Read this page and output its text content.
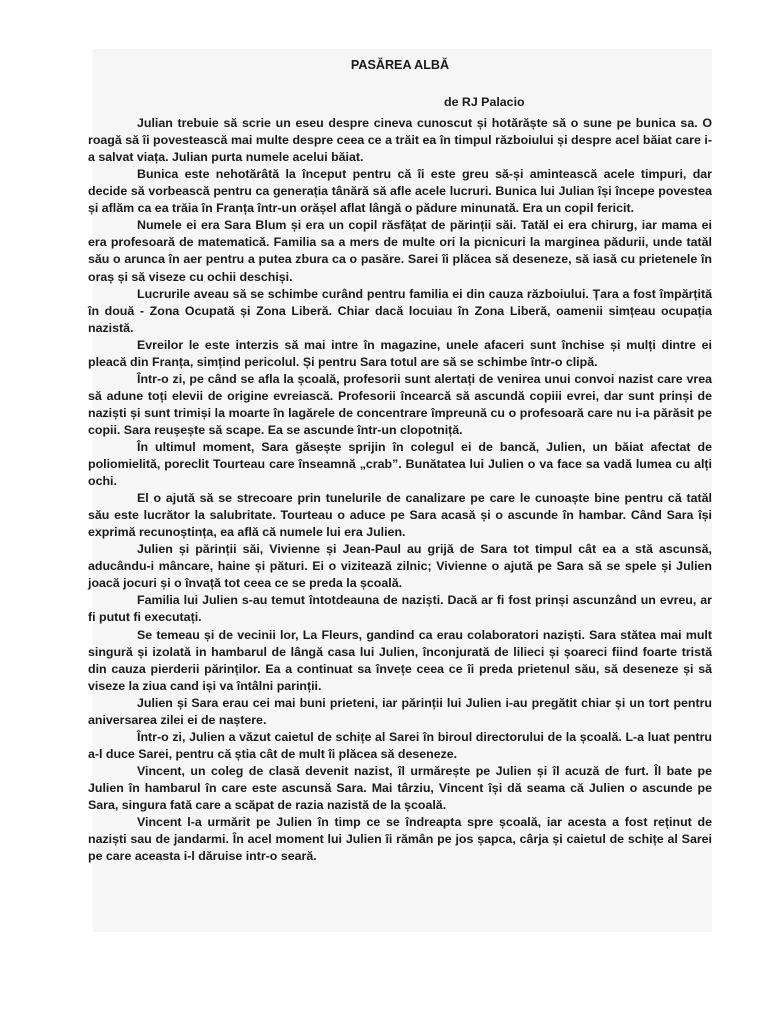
PASĂREA ALBĂ
de RJ Palacio

Julian trebuie să scrie un eseu despre cineva cunoscut și hotărăște să o sune pe bunica sa. O roagă să îi povestească mai multe despre ceea ce a trăit ea în timpul războiului și despre acel băiat care i-a salvat viața. Julian purta numele acelui băiat.

Bunica este nehotărâtă la început pentru că îi este greu să-și amintească acele timpuri, dar decide să vorbească pentru ca generația tânără să afle acele lucruri. Bunica lui Julian își începe povestea și aflăm ca ea trăia în Franța într-un orășel aflat lângă o pădure minunată. Era un copil fericit.

Numele ei era Sara Blum și era un copil răsfățat de părinții săi. Tatăl ei era chirurg, iar mama ei era profesoară de matematică. Familia sa a mers de multe ori la picnicuri la marginea pădurii, unde tatăl său o arunca în aer pentru a putea zbura ca o pasăre. Sarei îi plăcea să deseneze, să iasă cu prietenele în oraș și să viseze cu ochii deschiși.

Lucrurile aveau să se schimbe curând pentru familia ei din cauza războiului. Țara a fost împărțită în două - Zona Ocupată și Zona Liberă. Chiar dacă locuiau în Zona Liberă, oamenii simțeau ocupația nazistă.

Evreilor le este interzis să mai intre în magazine, unele afaceri sunt închise și mulți dintre ei pleacă din Franța, simțind pericolul. Și pentru Sara totul are să se schimbe într-o clipă.

Într-o zi, pe când se afla la școală, profesorii sunt alertați de venirea unui convoi nazist care vrea să adune toți elevii de origine evreiască. Profesorii încearcă să ascundă copiii evrei, dar sunt prinși de naziști și sunt trimiși la moarte în lagărele de concentrare împreună cu o profesoară care nu i-a părăsit pe copii. Sara reușește să scape. Ea se ascunde într-un clopotniță.

În ultimul moment, Sara găsește sprijin în colegul ei de bancă, Julien, un băiat afectat de poliomielită, poreclit Tourteau care înseamnă „crab”. Bunătatea lui Julien o va face sa vadă lumea cu alți ochi.

El o ajută să se strecoare prin tunelurile de canalizare pe care le cunoaște bine pentru că tatăl său este lucrător la salubritate. Tourteau o aduce pe Sara acasă și o ascunde în hambar. Când Sara își exprimă recunoștința, ea află că numele lui era Julien.

Julien și părinții săi, Vivienne și Jean-Paul au grijă de Sara tot timpul cât ea a stă ascunsă, aducându-i mâncare, haine și pături. Ei o vizitează zilnic; Vivienne o ajută pe Sara să se spele și Julien joacă jocuri și o învață tot ceea ce se preda la școală.

Familia lui Julien s-au temut întotdeauna de naziști. Dacă ar fi fost prinși ascunzând un evreu, ar fi putut fi executați.

Se temeau și de vecinii lor, La Fleurs, gandind ca erau colaboratori naziști. Sara stătea mai mult singură și izolată in hambarul de lângă casa lui Julien, înconjurată de lilieci și șoareci fiind foarte tristă din cauza pierderii părinților. Ea a continuat sa învețe ceea ce îi preda prietenul său, să deseneze și să viseze la ziua cand iși va întâlni parinții.

Julien și Sara erau cei mai buni prieteni, iar părinții lui Julien i-au pregătit chiar și un tort pentru aniversarea zilei ei de naștere.

Într-o zi, Julien a văzut caietul de schițe al Sarei în biroul directorului de la școală. L-a luat pentru a-l duce Sarei, pentru că știa cât de mult îi plăcea să deseneze.

Vincent, un coleg de clasă devenit nazist, îl urmărește pe Julien și îl acuză de furt. Îl bate pe Julien în hambarul în care este ascunsă Sara. Mai târziu, Vincent își dă seama că Julien o ascunde pe Sara, singura fată care a scăpat de razia nazistă de la școală.

Vincent l-a urmărit pe Julien în timp ce se îndreapta spre școală, iar acesta a fost reținut de naziști sau de jandarmi. În acel moment lui Julien îi rămân pe jos șapca, cârja și caietul de schițe al Sarei pe care aceasta i-l dăruise intr-o seară.
